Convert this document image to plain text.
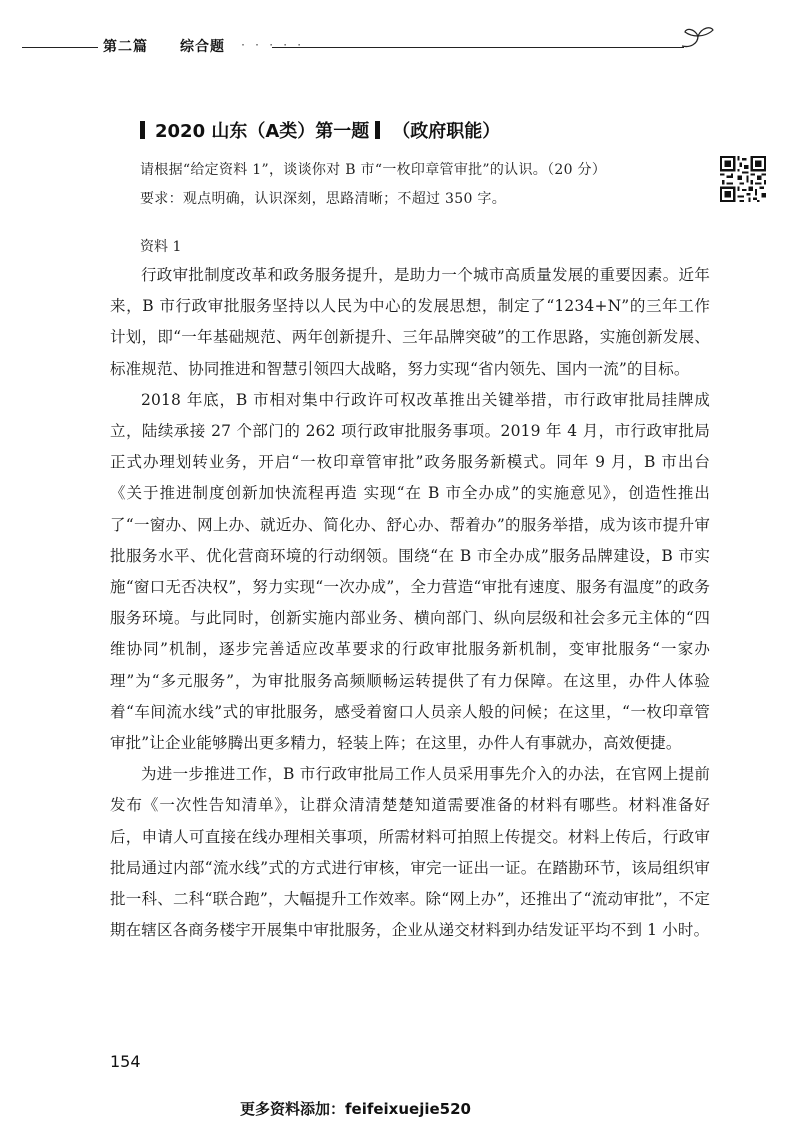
第二篇 综合题 · · · · ·
2020 山东（A类）第一题 （政府职能）
请根据“给定资料 1”，谈谈你对 B 市“一枚印章管审批”的认识。（20 分）
要求：观点明确，认识深刻，思路清晰；不超过 350 字。
资料 1

行政审批制度改革和政务服务提升，是助力一个城市高质量发展的重要因素。近年来，B 市行政审批服务坚持以人民为中心的发展思想，制定了“1234+N”的三年工作计划，即“一年基础规范、两年创新提升、三年品牌突破”的工作思路，实施创新发展、标准规范、协同推进和智慧引领四大战略，努力实现“省内领先、国内一流”的目标。

2018 年底，B 市相对集中行政许可权改革推出关键举措，市行政审批局挂牌成立，陆续承接 27 个部门的 262 项行政审批服务事项。2019 年 4 月，市行政审批局正式办理划转业务，开启“一枚印章管审批”政务服务新模式。同年 9 月，B 市出台《关于推进制度创新加快流程再造 实现“在 B 市全办成”的实施意见》，创造性推出了“一窗办、网上办、就近办、简化办、舒心办、帮着办”的服务举措，成为该市提升审批服务水平、优化营商环境的行动纲领。围绕“在 B 市全办成”服务品牌建设，B 市实施“窗口无否决权”，努力实现“一次办成”，全力营造“审批有速度、服务有温度”的政务服务环境。与此同时，创新实施内部业务、横向部门、纵向层级和社会多元主体的“四维协同”机制，逐步完善适应改革要求的行政审批服务新机制，变审批服务“一家办理”为“多元服务”，为审批服务高频顺畅运转提供了有力保障。在这里，办件人体验着“车间流水线”式的审批服务，感受着窗口人员亲人般的问候；在这里，“一枚印章管审批”让企业能够腾出更多精力，轻装上阵；在这里，办件人有事就办，高效便捷。

为进一步推进工作，B 市行政审批局工作人员采用事先介入的办法，在官网上提前发布《一次性告知清单》，让群众清清楚楚知道需要准备的材料有哪些。材料准备好后，申请人可直接在线办理相关事项，所需材料可拍照上传提交。材料上传后，行政审批局通过内部“流水线”式的方式进行审核，审完一证出一证。在踏勘环节，该局组织审批一科、二科“联合跑”，大幅提升工作效率。除“网上办”，还推出了“流动审批”，不定期在辖区各商务楼宇开展集中审批服务，企业从递交材料到办结发证平均不到 1 小时。

154
更多资料添加：feifeixuejie520
